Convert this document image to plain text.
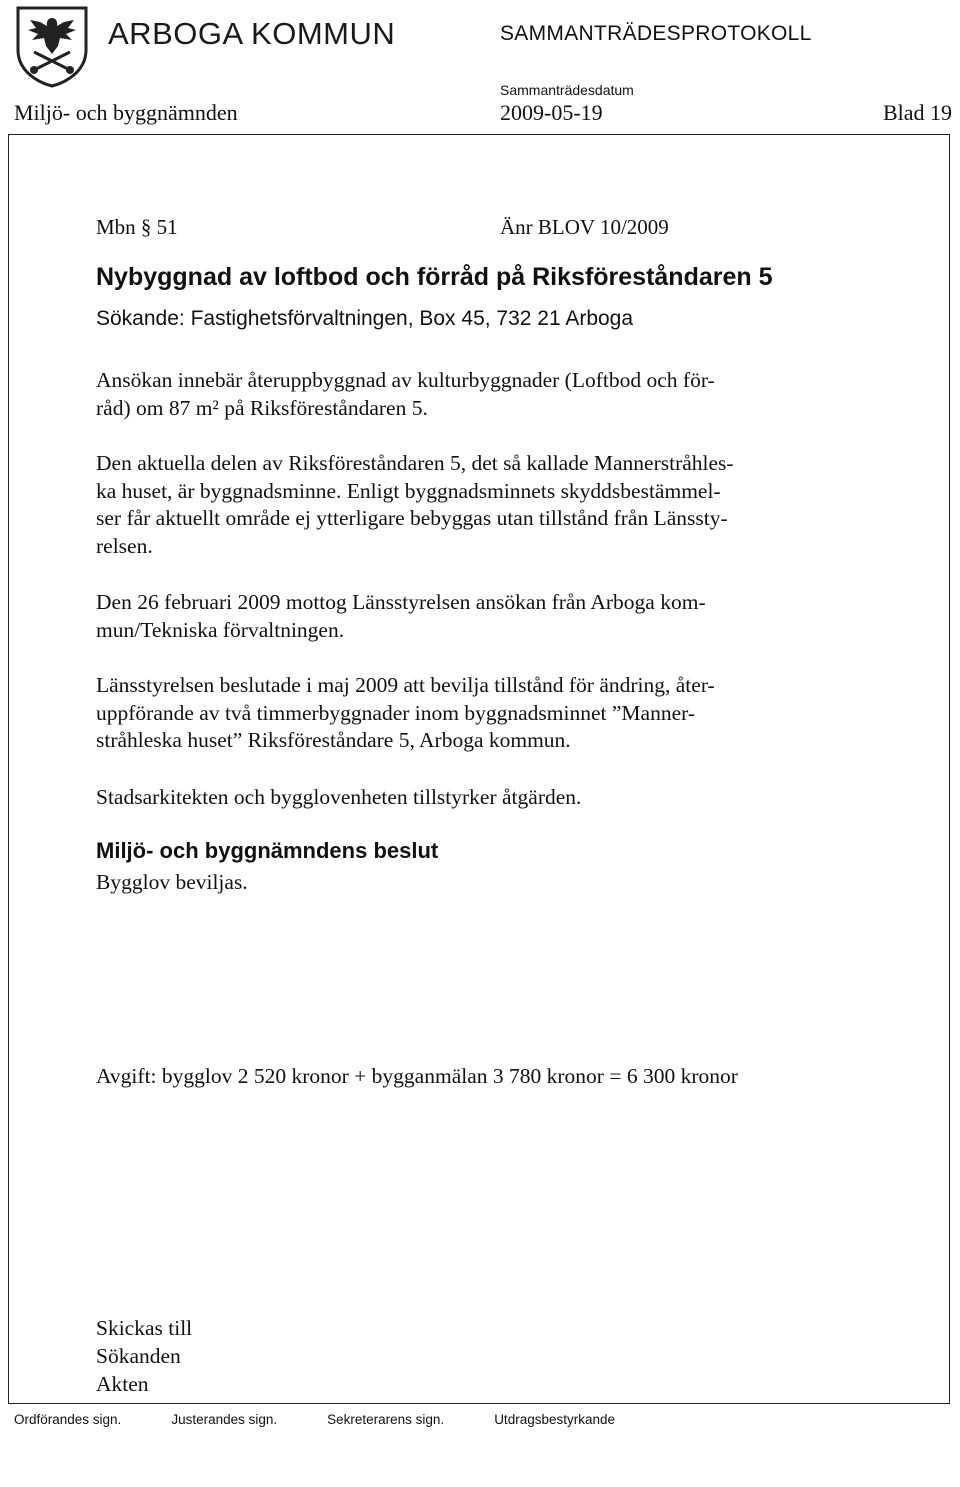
ARBOGA KOMMUN	SAMMANTRÄDESPROTOKOLL
Sammanträdesdatum
Miljö- och byggnämnden	2009-05-19	Blad 19
Mbn § 51	Änr BLOV 10/2009
Nybyggnad av loftbod och förråd på Riksföreståndaren 5
Sökande: Fastighetsförvaltningen, Box 45, 732 21 Arboga
Ansökan innebär återuppbyggnad av kulturbyggnader (Loftbod och för-
råd) om 87 m² på Riksföreståndaren 5.
Den aktuella delen av Riksföreståndaren 5, det så kallade Mannerstråhles-
ka huset, är byggnadsminne. Enligt byggnadsminnets skyddsbestämmel-
ser får aktuellt område ej ytterligare bebyggas utan tillstånd från Länssty-
relsen.
Den 26 februari 2009 mottog Länsstyrelsen ansökan från Arboga kom-
mun/Tekniska förvaltningen.
Länsstyrelsen beslutade i maj 2009 att bevilja tillstånd för ändring, åter-
uppförande av två timmerbyggnader inom byggnadsminnet ”Manner-
stråhleska huset” Riksföreståndare 5, Arboga kommun.
Stadsarkitekten och bygglovenheten tillstyrker åtgärden.
Miljö- och byggnämndens beslut
Bygglov beviljas.
Avgift: bygglov 2 520 kronor + bygganmälan 3 780 kronor = 6 300 kronor
Skickas till
Sökanden
Akten
Ordförandes sign.	Justerandes sign.	Sekreterarens sign.	Utdragsbestyrkande
